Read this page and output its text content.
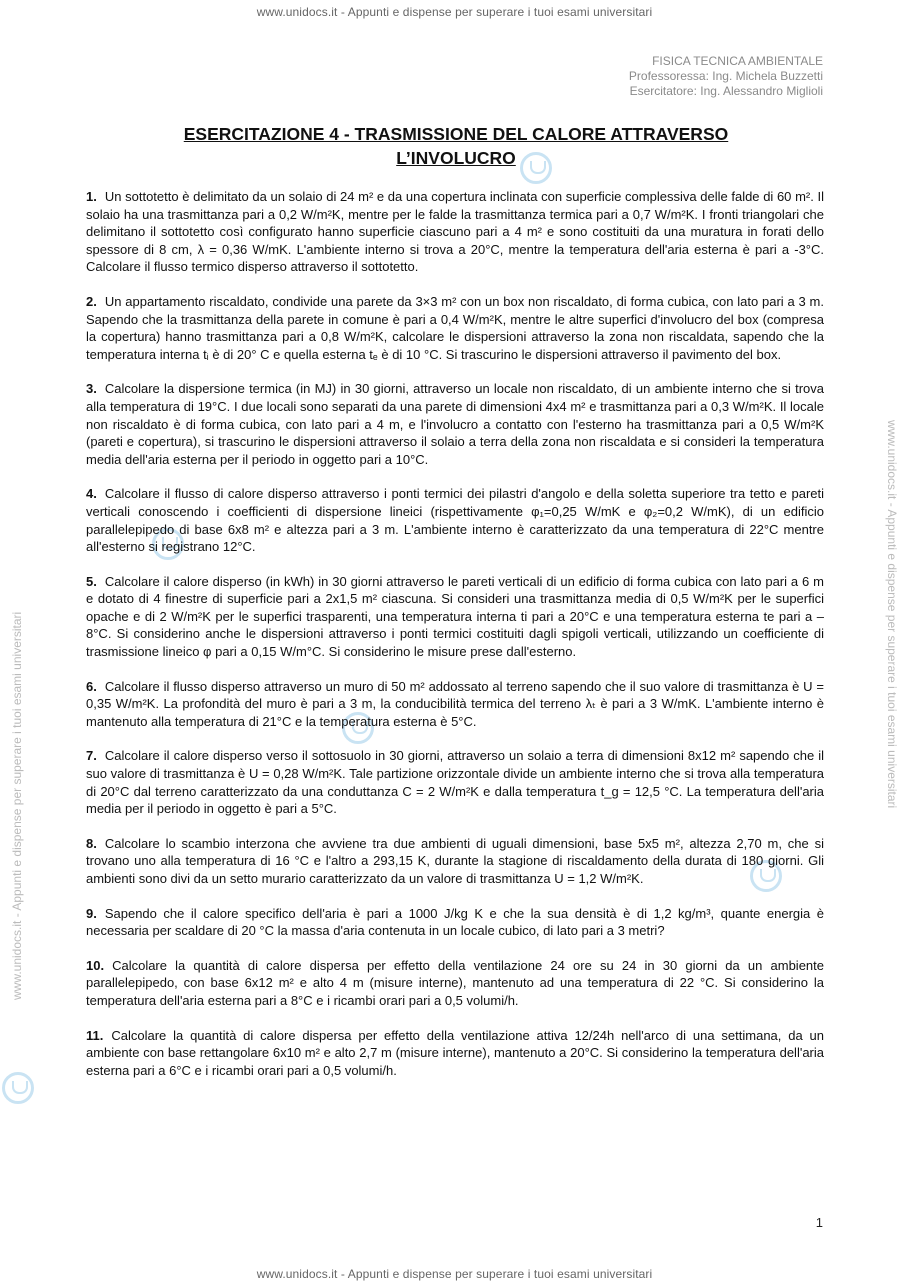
www.unidocs.it - Appunti e dispense per superare i tuoi esami universitari
www.unidocs.it - Appunti e dispense per superare i tuoi esami universitari	www.unidocs.it - Appunti e dispense per superare i tuoi esami universitari
FISICA TECNICA AMBIENTALE
Professoressa: Ing. Michela Buzzetti
Esercitatore: Ing. Alessandro Miglioli
ESERCITAZIONE 4 - TRASMISSIONE DEL CALORE ATTRAVERSO
L’INVOLUCRO

1. Un sottotetto è delimitato da un solaio di 24 m² e da una copertura inclinata con superficie complessiva delle falde di 60 m². Il solaio ha una trasmittanza pari a 0,2 W/m²K, mentre per le falde la trasmittanza termica pari a 0,7 W/m²K. I fronti triangolari che delimitano il sottotetto così configurato hanno superficie ciascuno pari a 4 m² e sono costituiti da una muratura in forati dello spessore di 8 cm, λ = 0,36 W/mK. L'ambiente interno si trova a 20°C, mentre la temperatura dell'aria esterna è pari a -3°C. Calcolare il flusso termico disperso attraverso il sottotetto.

2. Un appartamento riscaldato, condivide una parete da 3×3 m² con un box non riscaldato, di forma cubica, con lato pari a 3 m. Sapendo che la trasmittanza della parete in comune è pari a 0,4 W/m²K, mentre le altre superfici d'involucro del box (compresa la copertura) hanno trasmittanza pari a 0,8 W/m²K, calcolare le dispersioni attraverso la zona non riscaldata, sapendo che la temperatura interna tᵢ è di 20° C e quella esterna tₑ è di 10 °C. Si trascurino le dispersioni attraverso il pavimento del box.

3. Calcolare la dispersione termica (in MJ) in 30 giorni, attraverso un locale non riscaldato, di un ambiente interno che si trova alla temperatura di 19°C. I due locali sono separati da una parete di dimensioni 4x4 m² e trasmittanza pari a 0,3 W/m²K. Il locale non riscaldato è di forma cubica, con lato pari a 4 m, e l'involucro a contatto con l'esterno ha trasmittanza pari a 0,5 W/m²K (pareti e copertura), si trascurino le dispersioni attraverso il solaio a terra della zona non riscaldata e si consideri la temperatura media dell'aria esterna per il periodo in oggetto pari a 10°C.

4. Calcolare il flusso di calore disperso attraverso i ponti termici dei pilastri d'angolo e della soletta superiore tra tetto e pareti verticali conoscendo i coefficienti di dispersione lineici (rispettivamente φ₁=0,25 W/mK e φ₂=0,2 W/mK), di un edificio parallelepipedo di base 6x8 m² e altezza pari a 3 m. L'ambiente interno è caratterizzato da una temperatura di 22°C mentre all'esterno si registrano 12°C.

5. Calcolare il calore disperso (in kWh) in 30 giorni attraverso le pareti verticali di un edificio di forma cubica con lato pari a 6 m e dotato di 4 finestre di superficie pari a 2x1,5 m² ciascuna. Si consideri una trasmittanza media di 0,5 W/m²K per le superfici opache e di 2 W/m²K per le superfici trasparenti, una temperatura interna ti pari a 20°C e una temperatura esterna te pari a – 8°C. Si considerino anche le dispersioni attraverso i ponti termici costituiti dagli spigoli verticali, utilizzando un coefficiente di trasmissione lineico φ pari a 0,15 W/m°C. Si considerino le misure prese dall'esterno.

6. Calcolare il flusso disperso attraverso un muro di 50 m² addossato al terreno sapendo che il suo valore di trasmittanza è U = 0,35 W/m²K. La profondità del muro è pari a 3 m, la conducibilità termica del terreno λₜ è pari a 3 W/mK. L'ambiente interno è mantenuto alla temperatura di 21°C e la temperatura esterna è 5°C.

7. Calcolare il calore disperso verso il sottosuolo in 30 giorni, attraverso un solaio a terra di dimensioni 8x12 m² sapendo che il suo valore di trasmittanza è U = 0,28 W/m²K. Tale partizione orizzontale divide un ambiente interno che si trova alla temperatura di 20°C dal terreno caratterizzato da una conduttanza C = 2 W/m²K e dalla temperatura t_g = 12,5 °C. La temperatura dell'aria media per il periodo in oggetto è pari a 5°C.

8. Calcolare lo scambio interzona che avviene tra due ambienti di uguali dimensioni, base 5x5 m², altezza 2,70 m, che si trovano uno alla temperatura di 16 °C e l'altro a 293,15 K, durante la stagione di riscaldamento della durata di 180 giorni. Gli ambienti sono divi da un setto murario caratterizzato da un valore di trasmittanza U = 1,2 W/m²K.

9. Sapendo che il calore specifico dell'aria è pari a 1000 J/kg K e che la sua densità è di 1,2 kg/m³, quante energia è necessaria per scaldare di 20 °C la massa d'aria contenuta in un locale cubico, di lato pari a 3 metri?

10. Calcolare la quantità di calore dispersa per effetto della ventilazione 24 ore su 24 in 30 giorni da un ambiente parallelepipedo, con base 6x12 m² e alto 4 m (misure interne), mantenuto ad una temperatura di 22 °C. Si considerino la temperatura dell'aria esterna pari a 8°C e i ricambi orari pari a 0,5 volumi/h.

11. Calcolare la quantità di calore dispersa per effetto della ventilazione attiva 12/24h nell'arco di una settimana, da un ambiente con base rettangolare 6x10 m² e alto 2,7 m (misure interne), mantenuto a 20°C. Si considerino la temperatura dell'aria esterna pari a 6°C e i ricambi orari pari a 0,5 volumi/h.

1
www.unidocs.it - Appunti e dispense per superare i tuoi esami universitari
